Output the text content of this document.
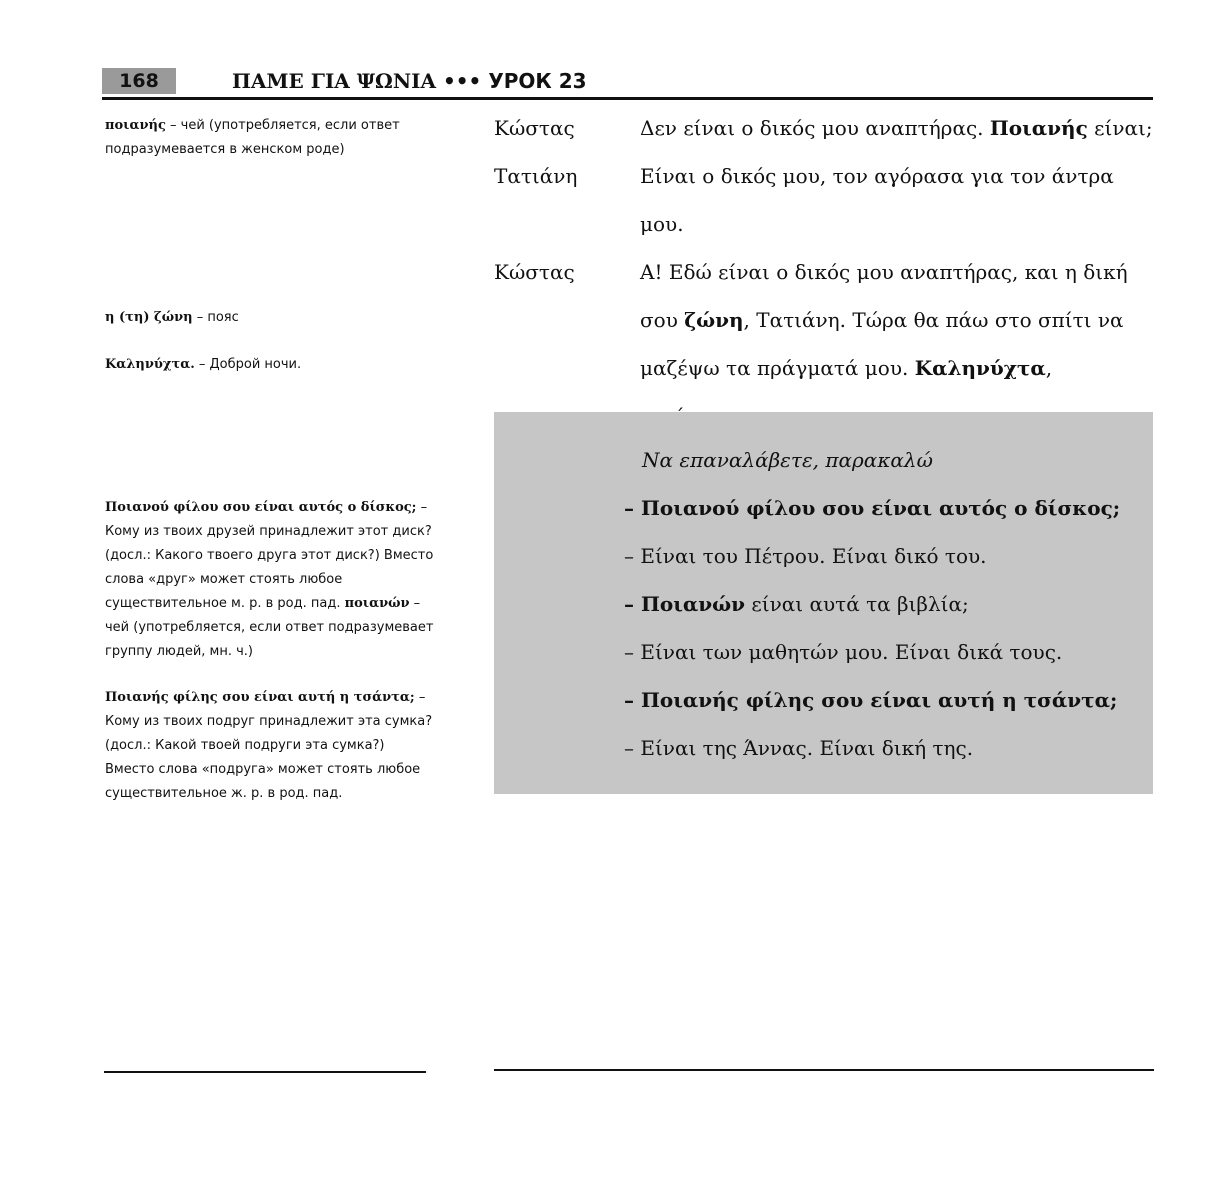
168	ΠΑΜΕ ΓΙΑ ΨΩΝΙΑ ••• УРОК 23
ποιανής – чей (употребляется, если ответ подразумевается в женском роде)
η (τη) ζώνη – пояс
Καληνύχτα. – Доброй ночи.
Ποιανού φίλου σου είναι αυτός ο δίσκος; – Кому из твоих друзей принадлежит этот диск? (досл.: Какого твоего друга этот диск?) Вместо слова «друг» может стоять любое существительное м. р. в род. пад. ποιανών – чей (употребляется, если ответ подразумевает группу людей, мн. ч.)
Ποιανής φίλης σου είναι αυτή η τσάντα; – Кому из твоих подруг принадлежит эта сумка? (досл.: Какой твоей подруги эта сумка?) Вместо слова «подруга» может стоять любое существительное ж. р. в род. пад.
Κώστας	Δεν είναι ο δικός μου αναπτήρας. Ποιανής είναι;
Τατιάνη	Είναι ο δικός μου, τον αγόρασα για τον άντρα
μου.
Κώστας	Α! Εδώ είναι ο δικός μου αναπτήρας, και η δική
σου ζώνη, Τατιάνη. Τώρα θα πάω στο σπίτι να
μαζέψω τα πράγματά μου. Καληνύχτα,
Να επαναλάβετε, παρακαλώ
– Ποιανού φίλου σου είναι αυτός ο δίσκος;
– Είναι του Πέτρου. Είναι δικό του.
– Ποιανών είναι αυτά τα βιβλία;
– Είναι των μαθητών μου. Είναι δικά τους.
– Ποιανής φίλης σου είναι αυτή η τσάντα;
– Είναι της Άννας. Είναι δική της.
